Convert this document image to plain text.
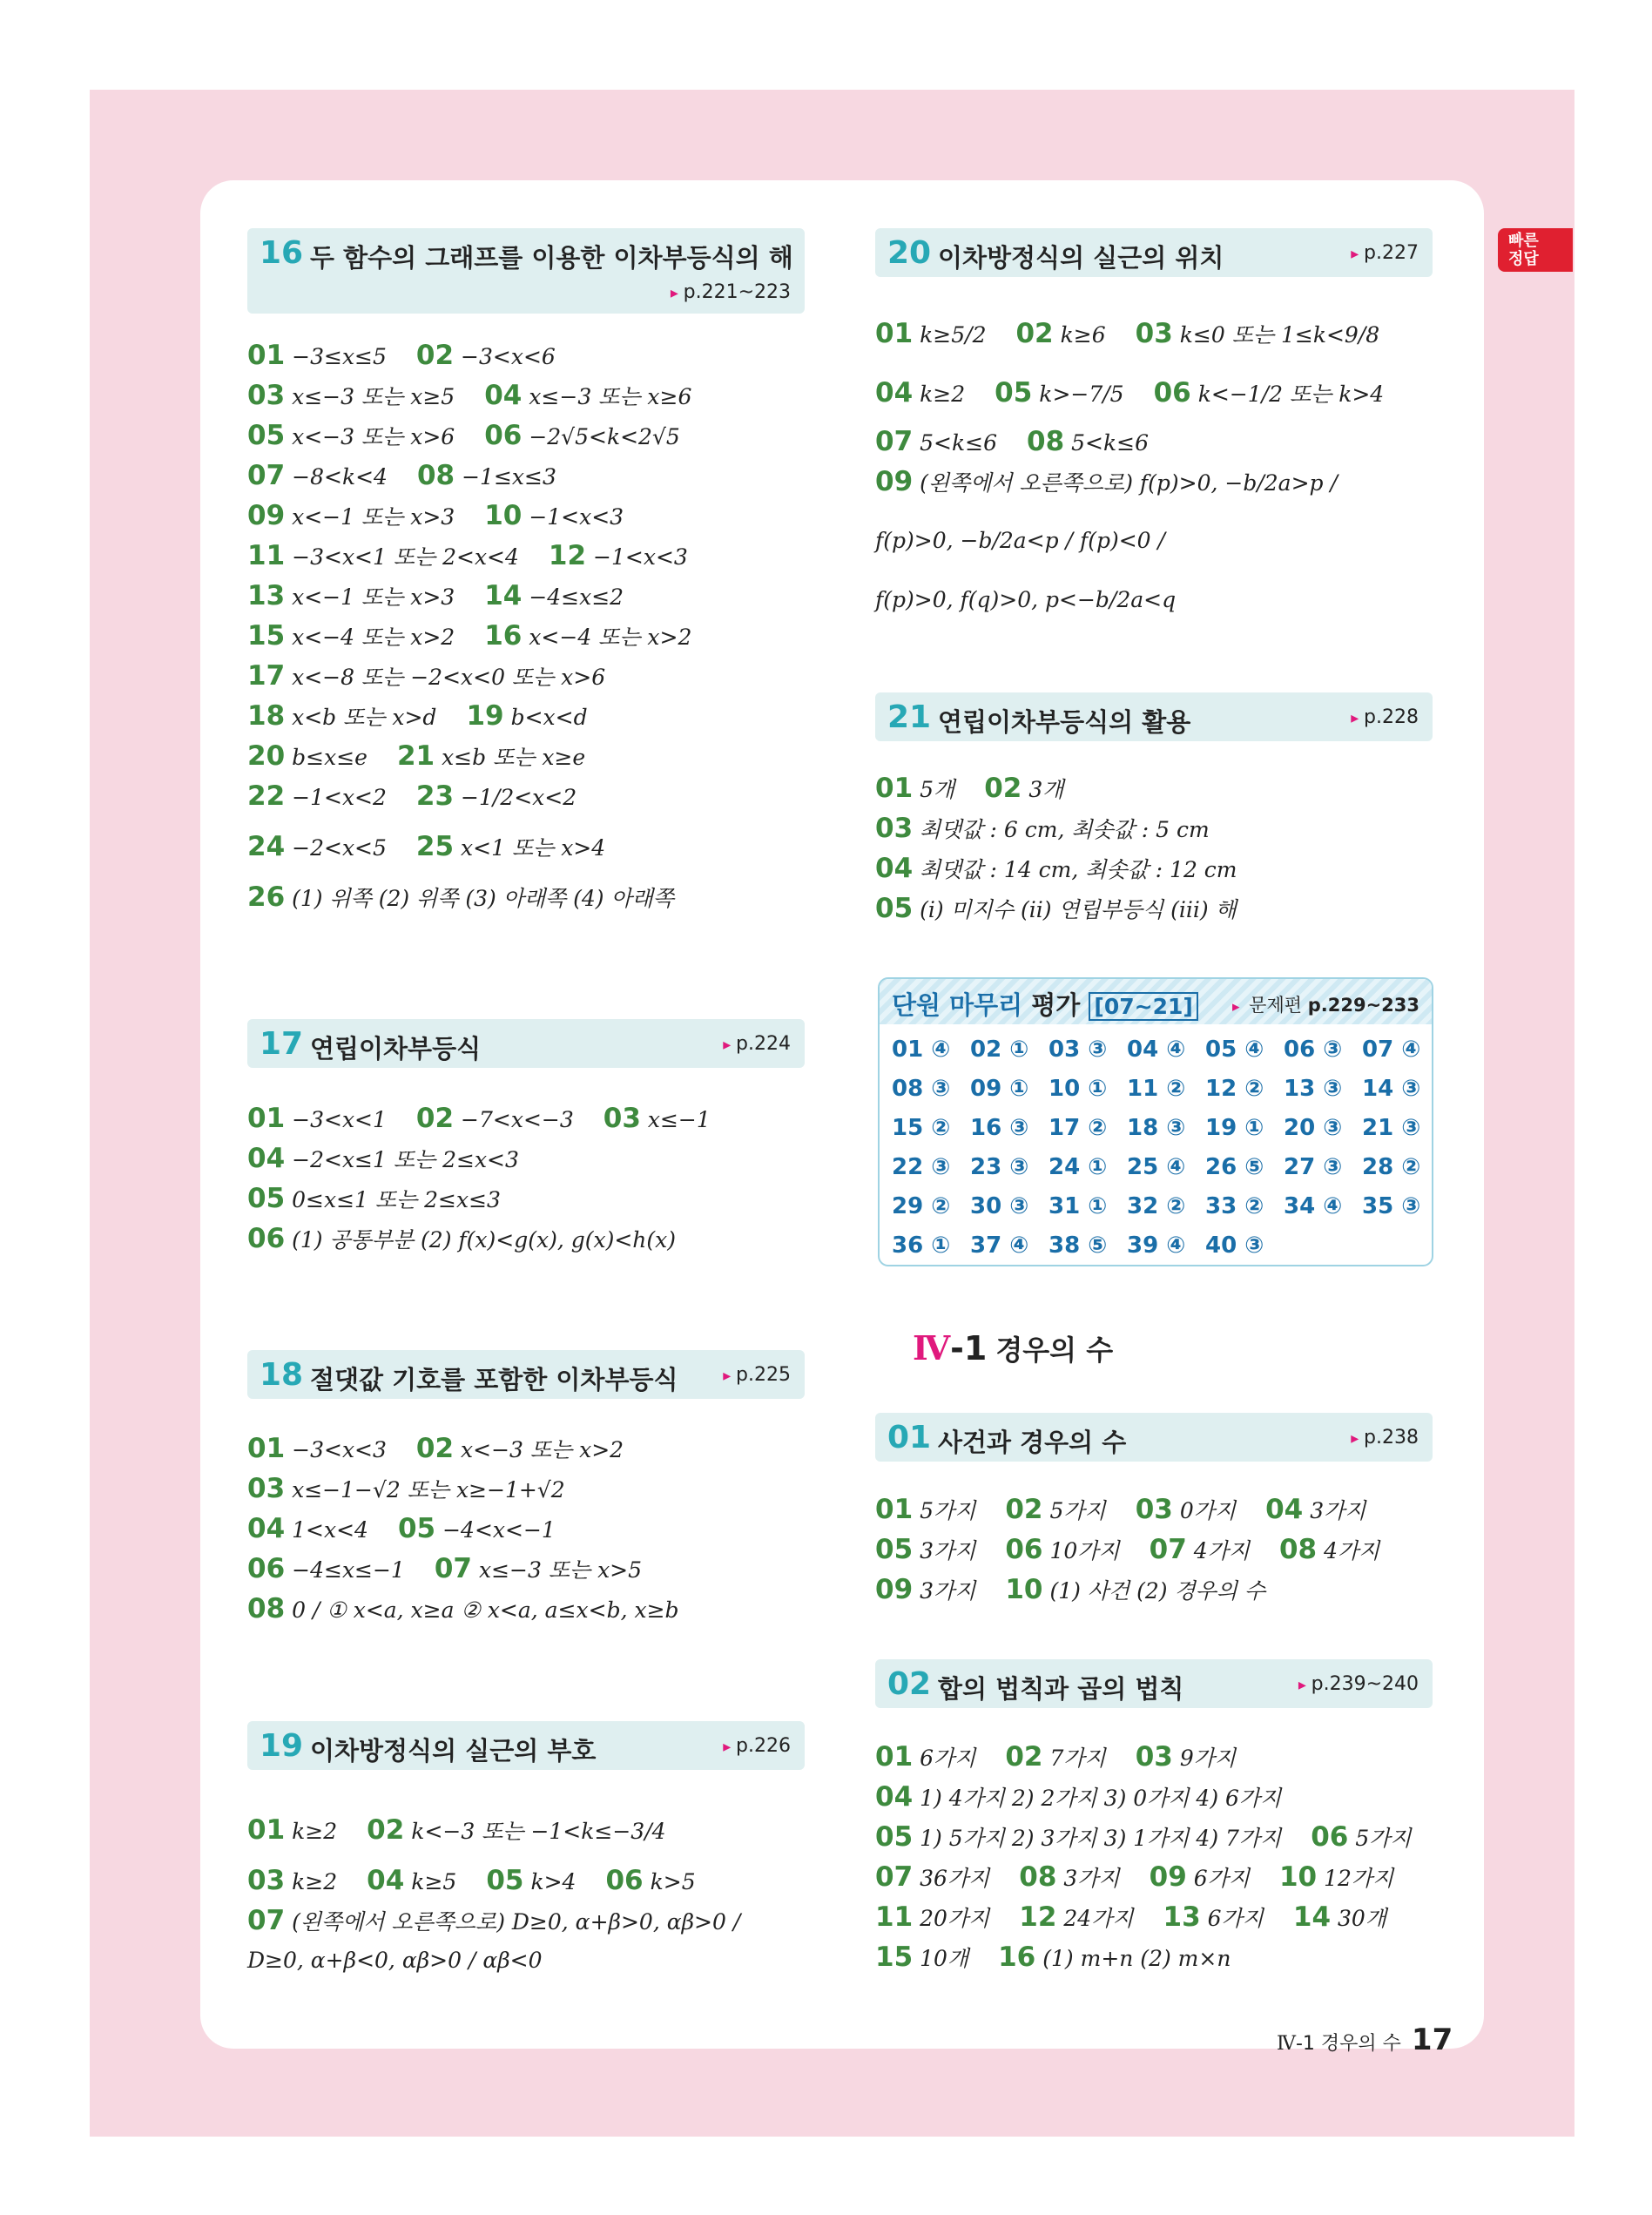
빠른
정답
단원 마무리 평가 [07~21]	▸ 문제편 p.229~233
01 ④ 02 ① 03 ③ 04 ④ 05 ④ 06 ③ 07 ④
08 ③ 09 ① 10 ① 11 ② 12 ② 13 ③ 14 ③
15 ② 16 ③ 17 ② 18 ③ 19 ① 20 ③ 21 ③
22 ③ 23 ③ 24 ① 25 ④ 26 ⑤ 27 ③ 28 ②
29 ② 30 ③ 31 ① 32 ② 33 ② 34 ④ 35 ③
36 ① 37 ④ 38 ⑤ 39 ④ 40 ③
Ⅳ-1 경우의 수
Ⅳ-1 경우의 수 17
16 두 함수의 그래프를 이용한 이차부등식의 해
▸ p.221~223
01 −3≤x≤5 02 −3<x<6
03 x≤−3 또는 x≥5 04 x≤−3 또는 x≥6
05 x<−3 또는 x>6 06 −2√5<k<2√5
07 −8<k<4 08 −1≤x≤3
09 x<−1 또는 x>3 10 −1<x<3
11 −3<x<1 또는 2<x<4 12 −1<x<3
13 x<−1 또는 x>3 14 −4≤x≤2
15 x<−4 또는 x>2 16 x<−4 또는 x>2
17 x<−8 또는 −2<x<0 또는 x>6
18 x<b 또는 x>d 19 b<x<d
20 b≤x≤e 21 x≤b 또는 x≥e
22 −1<x<2 23 −1/2<x<2
24 −2<x<5 25 x<1 또는 x>4
26 (1) 위쪽 (2) 위쪽 (3) 아래쪽 (4) 아래쪽
17 연립이차부등식	▸ p.224
01 −3<x<1 02 −7<x<−3 03 x≤−1
04 −2<x≤1 또는 2≤x<3
05 0≤x≤1 또는 2≤x≤3
06 (1) 공통부분 (2) f(x)<g(x), g(x)<h(x)
18 절댓값 기호를 포함한 이차부등식	▸ p.225
01 −3<x<3 02 x<−3 또는 x>2
03 x≤−1−√2 또는 x≥−1+√2
04 1<x<4 05 −4<x<−1
06 −4≤x≤−1 07 x≤−3 또는 x>5
08 0 / ① x<a, x≥a ② x<a, a≤x<b, x≥b
19 이차방정식의 실근의 부호	▸ p.226
01 k≥2 02 k<−3 또는 −1<k≤−3/4
03 k≥2 04 k≥5 05 k>4 06 k>5
07 (왼쪽에서 오른쪽으로) D≥0, α+β>0, αβ>0 /
D≥0, α+β<0, αβ>0 / αβ<0
20 이차방정식의 실근의 위치	▸ p.227
01 k≥5/2 02 k≥6 03 k≤0 또는 1≤k<9/8
04 k≥2 05 k>−7/5 06 k<−1/2 또는 k>4
07 5<k≤6 08 5<k≤6
09 (왼쪽에서 오른쪽으로) f(p)>0, −b/2a>p /
f(p)>0, −b/2a<p / f(p)<0 /
f(p)>0, f(q)>0, p<−b/2a<q
21 연립이차부등식의 활용	▸ p.228
01 5개 02 3개
03 최댓값 : 6 cm, 최솟값 : 5 cm
04 최댓값 : 14 cm, 최솟값 : 12 cm
05 (i) 미지수 (ii) 연립부등식 (iii) 해
01 사건과 경우의 수	▸ p.238
01 5가지 02 5가지 03 0가지 04 3가지
05 3가지 06 10가지 07 4가지 08 4가지
09 3가지 10 (1) 사건 (2) 경우의 수
02 합의 법칙과 곱의 법칙	▸ p.239~240
01 6가지 02 7가지 03 9가지
04 1) 4가지 2) 2가지 3) 0가지 4) 6가지
05 1) 5가지 2) 3가지 3) 1가지 4) 7가지 06 5가지
07 36가지 08 3가지 09 6가지 10 12가지
11 20가지 12 24가지 13 6가지 14 30개
15 10개 16 (1) m+n (2) m×n
